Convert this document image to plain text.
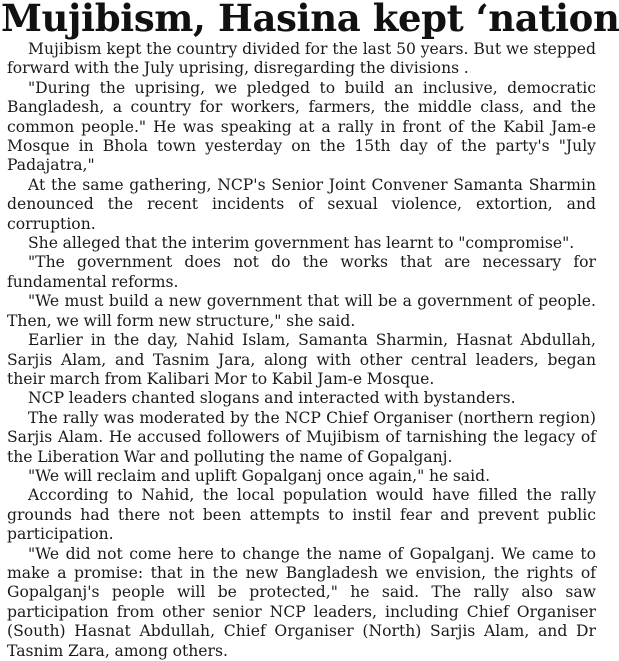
Mujibism, Hasina kept ‘nation

Mujibism kept the country divided for the last 50 years. But we stepped forward with the July uprising, disregarding the divisions .

"During the uprising, we pledged to build an inclusive, democratic Bangladesh, a country for workers, farmers, the middle class, and the common people." He was speaking at a rally in front of the Kabil Jam-e Mosque in Bhola town yesterday on the 15th day of the party's "July Padajatra,"

At the same gathering, NCP's Senior Joint Convener Samanta Sharmin denounced the recent incidents of sexual violence, extortion, and corruption.

She alleged that the interim government has learnt to "compromise".

"The government does not do the works that are necessary for fundamental reforms.

"We must build a new government that will be a government of people. Then, we will form new structure," she said.

Earlier in the day, Nahid Islam, Samanta Sharmin, Hasnat Abdullah, Sarjis Alam, and Tasnim Jara, along with other central leaders, began their march from Kalibari Mor to Kabil Jam-e Mosque.

NCP leaders chanted slogans and interacted with bystanders.

The rally was moderated by the NCP Chief Organiser (northern region) Sarjis Alam. He accused followers of Mujibism of tarnishing the legacy of the Liberation War and polluting the name of Gopalganj.

"We will reclaim and uplift Gopalganj once again," he said.

According to Nahid, the local population would have filled the rally grounds had there not been attempts to instil fear and prevent public participation.

"We did not come here to change the name of Gopalganj. We came to make a promise: that in the new Bangladesh we envision, the rights of Gopalganj's people will be protected," he said. The rally also saw participation from other senior NCP leaders, including Chief Organiser (South) Hasnat Abdullah, Chief Organiser (North) Sarjis Alam, and Dr Tasnim Zara, among others.
